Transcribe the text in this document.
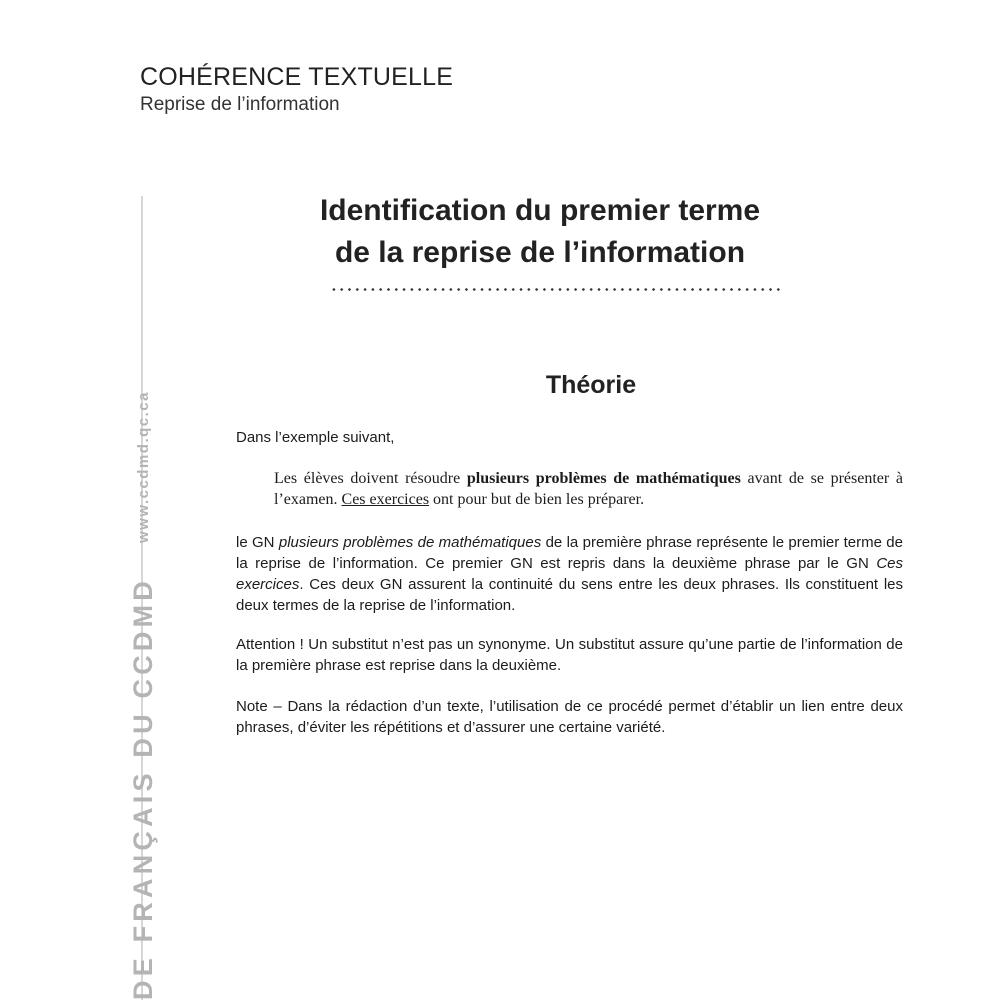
COHÉRENCE TEXTUELLE
Reprise de l’information
DE FRANÇAIS DU CCDMDwww.ccdmd.qc.ca
Identification du premier terme
de la reprise de l’information
Théorie
Dans l’exemple suivant,
Les élèves doivent résoudre plusieurs problèmes de mathématiques avant de se présenter à l’examen. Ces exercices ont pour but de bien les préparer.
le GN plusieurs problèmes de mathématiques de la première phrase représente le premier terme de la reprise de l’information. Ce premier GN est repris dans la deuxième phrase par le GN Ces exercices. Ces deux GN assurent la continuité du sens entre les deux phrases. Ils constituent les deux termes de la reprise de l’information.
Attention ! Un substitut n’est pas un synonyme. Un substitut assure qu’une partie de l’information de la première phrase est reprise dans la deuxième.
Note – Dans la rédaction d’un texte, l’utilisation de ce procédé permet d’établir un lien entre deux phrases, d’éviter les répétitions et d’assurer une certaine variété.
